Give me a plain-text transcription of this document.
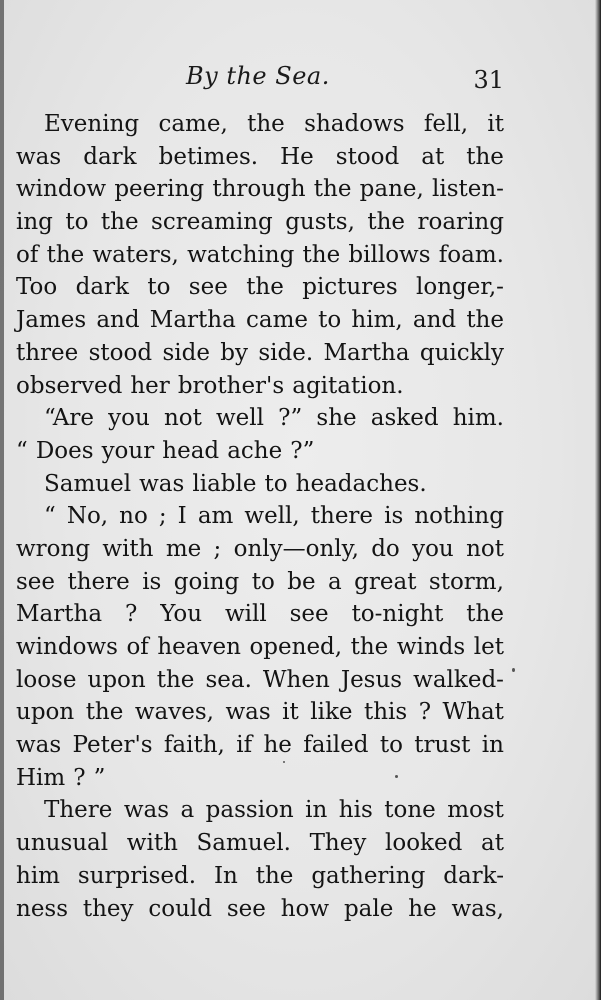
By the Sea.	31
Evening came, the shadows fell, it
was dark betimes. He stood at the
window peering through the pane, listen-
ing to the screaming gusts, the roaring
of the waters, watching the billows foam.
Too dark to see the pictures longer,-
James and Martha came to him, and the
three stood side by side. Martha quickly
observed her brother's agitation.
“Are you not well ?” she asked him.
“ Does your head ache ?”
Samuel was liable to headaches.
“ No, no ; I am well, there is nothing
wrong with me ; only—only, do you not
see there is going to be a great storm,
Martha ? You will see to-night the
windows of heaven opened, the winds let
loose upon the sea. When Jesus walked-
upon the waves, was it like this ? What
was Peter's faith, if he failed to trust in
Him ? ”
There was a passion in his tone most
unusual with Samuel. They looked at
him surprised. In the gathering dark-
ness they could see how pale he was,
